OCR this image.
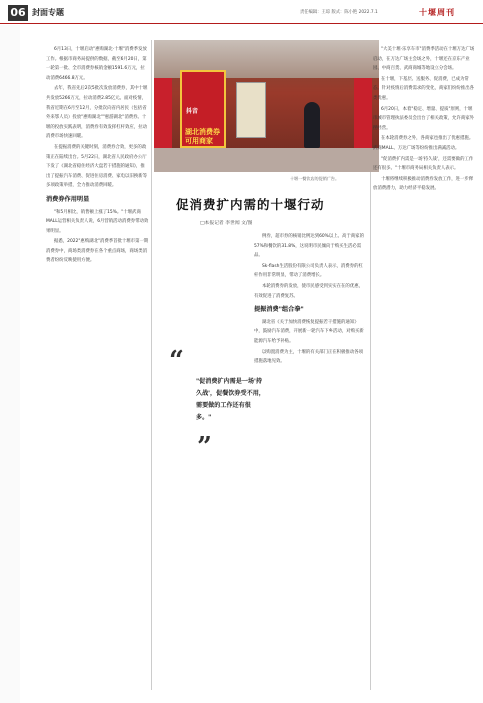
06 封面专题	责任编辑：王琼 版式：陈小艳 2022.7.1	十堰周刊

6月13日，十堰启动"惠购湖北·十堰"消费季发放工作。根据市商务局提供的数据，截至6月20日，第一轮第一批、全市消费券核销金额1591.6万元，拉动消费6466.8万元。

去年，我省先后2次5批次发放消费券，其中十堰共发放5266万元，拉动消费2.85亿元。面对疫情，我省近期在6月至12月，分批次向省内居民（包括省外来鄂人员）投放"惠购湖北""惠游湖北"消费券。十堰的投放实践表明，消费券有效发挥杠杆效应，拉动消费市场快速回暖。

在提振消费的关键时刻，消费券合效，更多的政策正在陆续出台。5月22日，湖北省人民政府办公厅下发了《湖北省稳住经济大盘若干措施的通知》，推出了提振汽车消费、促进住房消费、家电以旧换新等多项政策举措，全力推动消费回暖。

消费券作用明显

"和5月相比，销售额上涨了15%。"十堰武商MALL运营相关负责人说，6月营销活动消费券带动效果明显。

据悉，2022"惠购湖北"消费季首批十堰市第一期消费券中，商场类消费券在各个重点商场，商场类消费者纷纷反映使用方便。

抖音
湖北消费券 可用商家
十堰一餐饮店的促销广告。
促消费扩内需的十堰行动
□本报记者 李世闻 文/图
“
"促消费扩内需是一场'持久战'，促餐饮券受不用，需要做的工作还有很多。"
”

例券，超市券的核销比例达到60%以上。高于商家的57%和餐饮的31.8%，这说明市民倾向于购买生活必需品。

Sk-flash生活股份有限公司负责人表示，消费券的杠杆作用非常明显，带动了消费增长。

本轮消费券的发放，使市民感受到实实在在的优惠，有效促进了消费复苏。

提振消费"组合拳"

湖北省《关于加快消费恢复提振若干措施的通知》中，鼓励汽车消费，开展新一轮汽车下乡活动，对购买新能源汽车给予补贴。

以购置消费为主，十堰的有关部门正在积极推动各项措施落地见效。

"大美十堰·乐享车市"消费季活动在十堰万达广场启动，在万达广场主会场之外，十堰还在京东产业园、中商百货、武商商城等地设立分会场。

在十堰，下基层、送服务、促消费，已成为常态。针对疫情后消费需求的变化，商家们纷纷推出各类优惠。

6月20日，本着"稳定、增量、提质"原则，十堰市城市管理执法委员会出台了相关政策，允许商家外摆经营。

在本轮消费券之外，各商家也推出了优惠措施。武商MALL、万达广场等纷纷推出满减活动。

"促消费扩内需是一场'持久战'，还需要做的工作还有很多。"十堰市商务局相关负责人表示。

十堰将继续积极推动消费券发放工作，进一步释放消费潜力，助力经济平稳发展。
